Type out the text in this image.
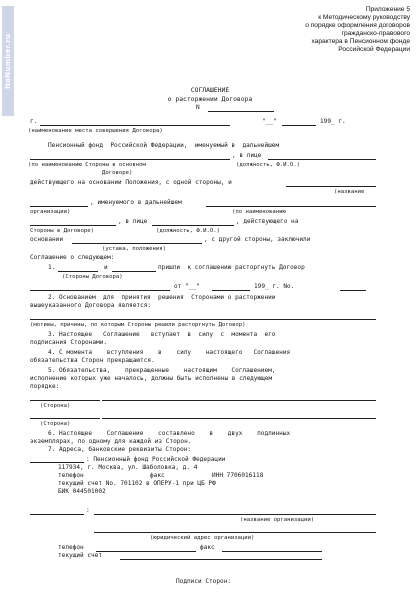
NoNumber.ru
Приложение 5
к Методическому руководству
о порядке оформления договоров
гражданско-правового
характера в Пенсионном фонде
Российской Федерации
СОГЛАШЕНИЕ
о расторжении Договора
N
г.	"__"	199_ г.
(наименование места совершения Договора)
Пенсионный фонд  Российской Федерации,  именуемый в  дальнейшем
, в лице
(по наименованию Стороны в основном	(должность, Ф.И.О.)
Договоре)
действующего на основании Положения, с одной стороны, и
(название
, именуемого в дальнейшем
организации)	(по наименованию
, в лице	, действующего на
Стороны в Договоре)	(должность, Ф.И.О.)
основании	, с другой стороны, заключили
(устава, положения)
Соглашение о следующем:
1.	и	пришли  к соглашению расторгнуть Договор
(Стороны Договора)
от "__"	199_ г. No.
2. Основанием  для  принятия  решения  Сторонами о расторжении
вышеуказанного Договора является:
(мотивы, причины, по которым Стороны решили расторгнуть Договор)
3. Настоящее   Соглашение   вступает  в  силу  с  момента  его
подписания Сторонами.
4. С момента    вступления    в    силу    настоящего   Соглашения
обязательства Сторон прекращаются.
5. Обязательства,    прекращенные    настоящим    Соглашением,
исполнение которых уже началось, должны быть исполнены в следующем
порядке:
(Сторона)
(Сторона)
6. Настоящее    Соглашение    составлено    в    двух    подлинных
экземплярах, по одному для каждой из Сторон.
7. Адреса, банковские реквизиты Сторон:
: Пенсионный фонд Российской Федерации
117934, г. Москва, ул. Шаболовка, д. 4
телефон	факс	ИНН 7706016118
текущий счет No. 701102 в ОПЕРУ-1 при ЦБ РФ
БИК 044501002
:
(название организации)
(юридический адрес организации)
телефон	факс
текущий счет
Подписи Сторон:
